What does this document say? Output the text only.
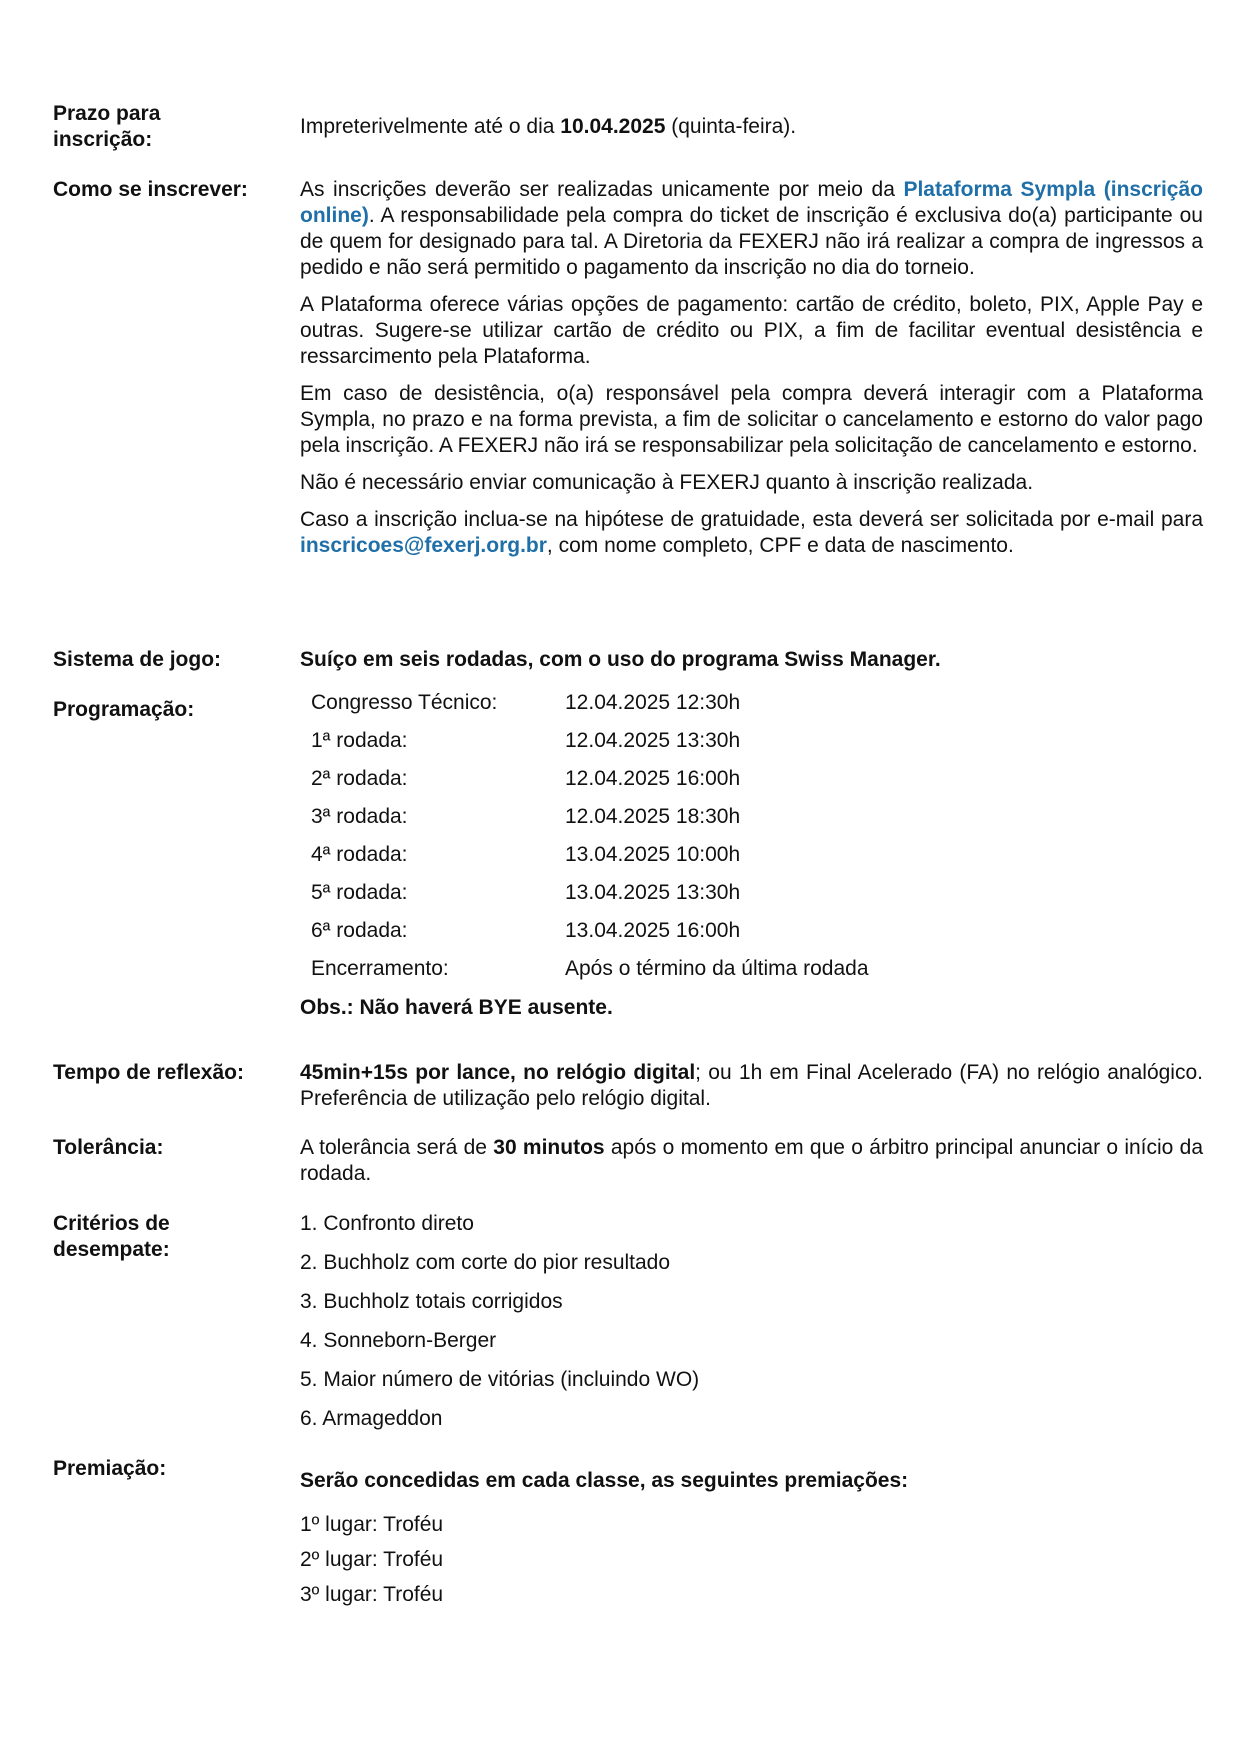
Prazo para inscrição:
Impreterivelmente até o dia 10.04.2025 (quinta-feira).
Como se inscrever:	As inscrições deverão ser realizadas unicamente por meio da Plataforma Sympla (inscrição online). A responsabilidade pela compra do ticket de inscrição é exclusiva do(a) participante ou de quem for designado para tal. A Diretoria da FEXERJ não irá realizar a compra de ingressos a pedido e não será permitido o pagamento da inscrição no dia do torneio.

A Plataforma oferece várias opções de pagamento: cartão de crédito, boleto, PIX, Apple Pay e outras. Sugere-se utilizar cartão de crédito ou PIX, a fim de facilitar eventual desistência e ressarcimento pela Plataforma.

Em caso de desistência, o(a) responsável pela compra deverá interagir com a Plataforma Sympla, no prazo e na forma prevista, a fim de solicitar o cancelamento e estorno do valor pago pela inscrição. A FEXERJ não irá se responsabilizar pela solicitação de cancelamento e estorno.

Não é necessário enviar comunicação à FEXERJ quanto à inscrição realizada.

Caso a inscrição inclua-se na hipótese de gratuidade, esta deverá ser solicitada por e-mail para inscricoes@fexerj.org.br, com nome completo, CPF e data de nascimento.

Sistema de jogo:	Suíço em seis rodadas, com o uso do programa Swiss Manager.
Programação:	Congresso Técnico:	12.04.2025 12:30h
1ª rodada:	12.04.2025 13:30h
2ª rodada:	12.04.2025 16:00h
3ª rodada:	12.04.2025 18:30h
4ª rodada:	13.04.2025 10:00h
5ª rodada:	13.04.2025 13:30h
6ª rodada:	13.04.2025 16:00h
Encerramento:	Após o término da última rodada
Obs.: Não haverá BYE ausente.
Tempo de reflexão:	45min+15s por lance, no relógio digital; ou 1h em Final Acelerado (FA) no relógio analógico. Preferência de utilização pelo relógio digital.

Tolerância:	A tolerância será de 30 minutos após o momento em que o árbitro principal anunciar o início da rodada.

Critérios de desempate:
1. Confronto direto
2. Buchholz com corte do pior resultado
3. Buchholz totais corrigidos
4. Sonneborn-Berger
5. Maior número de vitórias (incluindo WO)
6. Armageddon
Premiação:
Serão concedidas em cada classe, as seguintes premiações:
1º lugar: Troféu
2º lugar: Troféu
3º lugar: Troféu
